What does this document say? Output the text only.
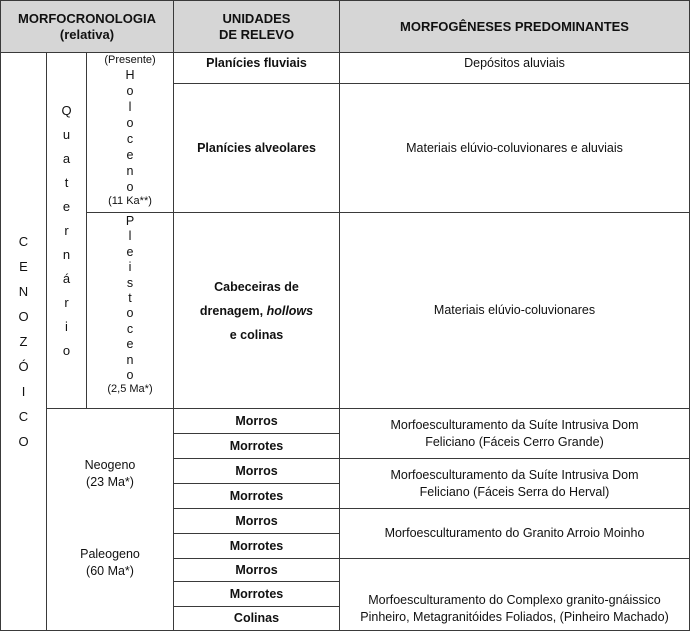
MORFOCRONOLOGIA
(relativa)
UNIDADES DE RELEVO
MORFOGÊNESES PREDOMINANTES
C
E
N
O
Z
Ó
I
C
O
Q
u
a
t
e
r
n
á
r
i
o
(Presente)
H
o
l
o
c
e
n
o
(11 Ka**)
P
l
e
i
s
t
o
c
e
n
o
(2,5 Ma*)
Neogeno
(23 Ma*)
Paleogeno
(60 Ma*)
Planícies fluviais
Planícies alveolares
Cabeceiras de
drenagem, hollows
e colinas
Morros
Morrotes
Morros
Morrotes
Morros
Morrotes
Morros
Morrotes
Colinas
Depósitos aluviais
Materiais elúvio-coluvionares e aluviais
Materiais elúvio-coluvionares
Morfoesculturamento da Suíte Intrusiva Dom Feliciano (Fáceis Cerro Grande)
Morfoesculturamento da Suíte Intrusiva Dom Feliciano (Fáceis Serra do Herval)
Morfoesculturamento do Granito Arroio Moinho
Morfoesculturamento do Complexo granito-gnáissico Pinheiro, Metagranitóides Foliados, (Pinheiro Machado)
